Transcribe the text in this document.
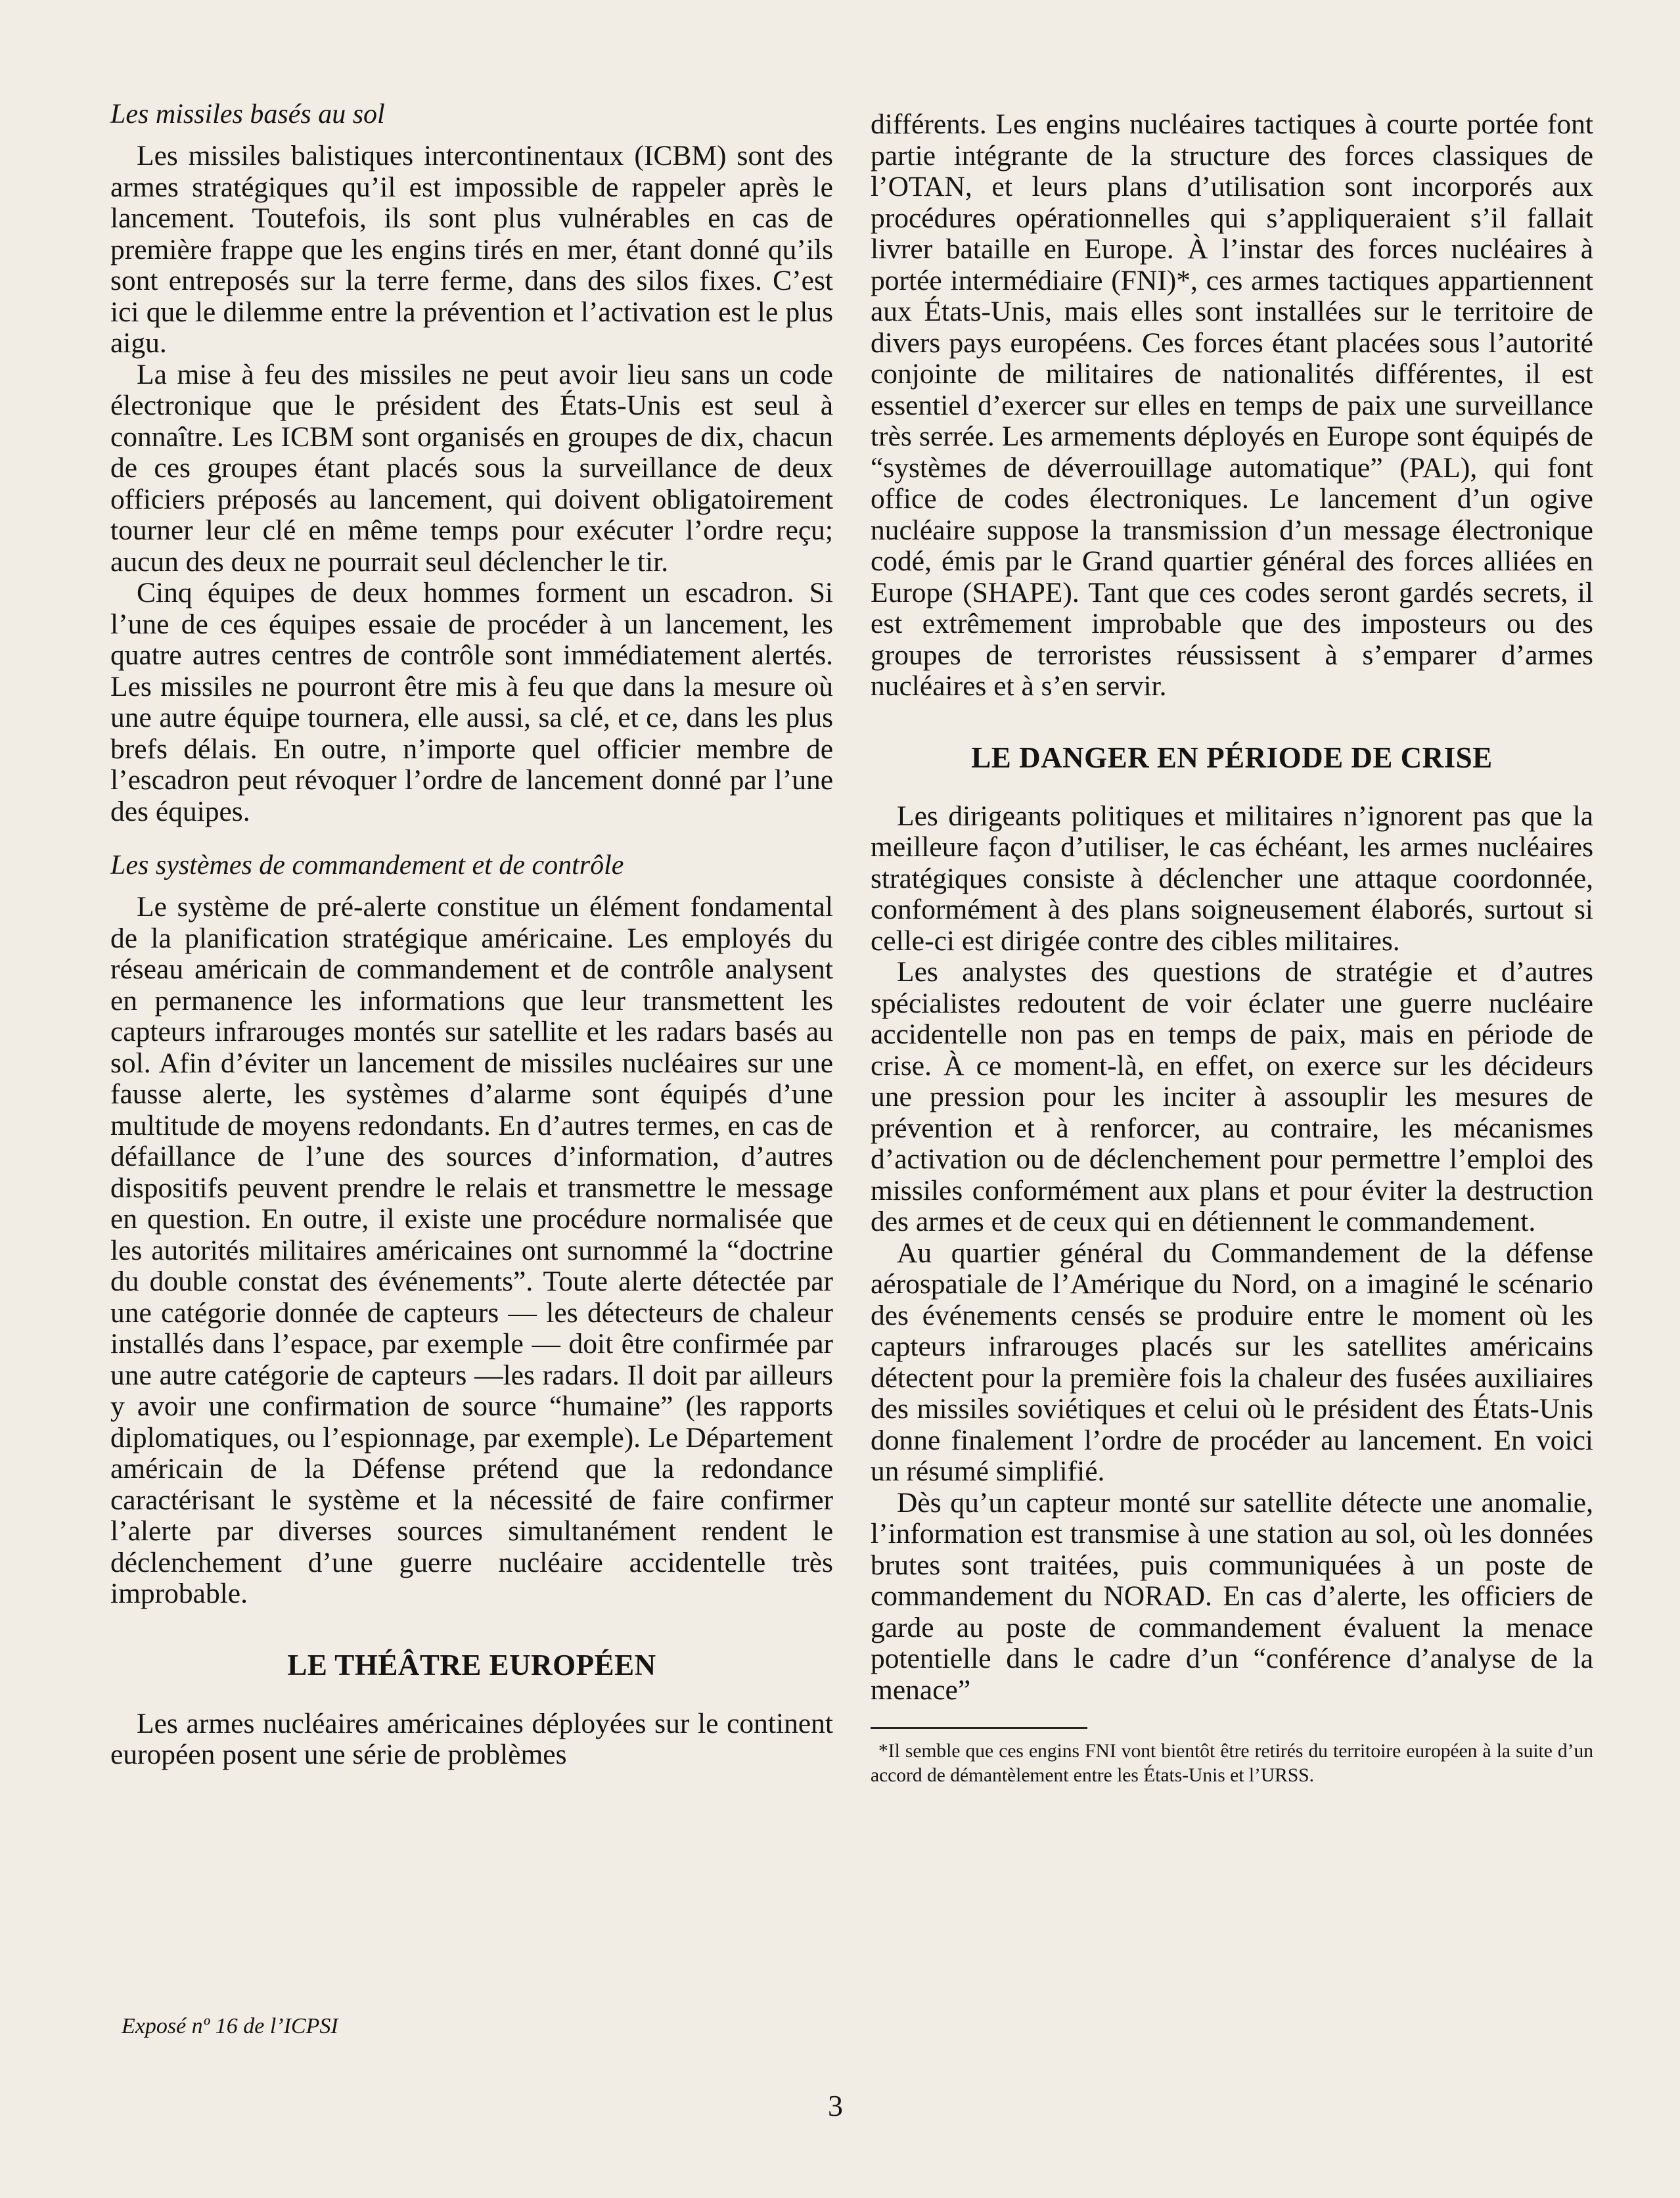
Les missiles basés au sol

Les missiles balistiques intercontinentaux (ICBM) sont des armes stratégiques qu’il est impossible de rappeler après le lancement. Toutefois, ils sont plus vulnérables en cas de première frappe que les engins tirés en mer, étant donné qu’ils sont entreposés sur la terre ferme, dans des silos fixes. C’est ici que le dilemme entre la prévention et l’activation est le plus aigu.

La mise à feu des missiles ne peut avoir lieu sans un code électronique que le président des États-Unis est seul à connaître. Les ICBM sont organisés en groupes de dix, chacun de ces groupes étant placés sous la surveillance de deux officiers préposés au lancement, qui doivent obligatoirement tourner leur clé en même temps pour exécuter l’ordre reçu; aucun des deux ne pourrait seul déclencher le tir.

Cinq équipes de deux hommes forment un escadron. Si l’une de ces équipes essaie de procéder à un lancement, les quatre autres centres de contrôle sont immédiatement alertés. Les missiles ne pourront être mis à feu que dans la mesure où une autre équipe tournera, elle aussi, sa clé, et ce, dans les plus brefs délais. En outre, n’importe quel officier membre de l’escadron peut révoquer l’ordre de lancement donné par l’une des équipes.

Les systèmes de commandement et de contrôle

Le système de pré-alerte constitue un élément fondamental de la planification stratégique américaine. Les employés du réseau américain de commandement et de contrôle analysent en permanence les informations que leur transmettent les capteurs infrarouges montés sur satellite et les radars basés au sol. Afin d’éviter un lancement de missiles nucléaires sur une fausse alerte, les systèmes d’alarme sont équipés d’une multitude de moyens redondants. En d’autres termes, en cas de défaillance de l’une des sources d’information, d’autres dispositifs peuvent prendre le relais et transmettre le message en question. En outre, il existe une procédure normalisée que les autorités militaires américaines ont surnommé la “doctrine du double constat des événements”. Toute alerte détectée par une catégorie donnée de capteurs — les détecteurs de chaleur installés dans l’espace, par exemple — doit être confirmée par une autre catégorie de capteurs —les radars. Il doit par ailleurs y avoir une confirmation de source “humaine” (les rapports diplomatiques, ou l’espionnage, par exemple). Le Département américain de la Défense prétend que la redondance caractérisant le système et la nécessité de faire confirmer l’alerte par diverses sources simultanément rendent le déclenchement d’une guerre nucléaire accidentelle très improbable.

LE THÉÂTRE EUROPÉEN

Les armes nucléaires américaines déployées sur le continent européen posent une série de problèmes

différents. Les engins nucléaires tactiques à courte portée font partie intégrante de la structure des forces classiques de l’OTAN, et leurs plans d’utilisation sont incorporés aux procédures opérationnelles qui s’appliqueraient s’il fallait livrer bataille en Europe. À l’instar des forces nucléaires à portée intermédiaire (FNI)*, ces armes tactiques appartiennent aux États-Unis, mais elles sont installées sur le territoire de divers pays européens. Ces forces étant placées sous l’autorité conjointe de militaires de nationalités différentes, il est essentiel d’exercer sur elles en temps de paix une surveillance très serrée. Les armements déployés en Europe sont équipés de “systèmes de déverrouillage automatique” (PAL), qui font office de codes électroniques. Le lancement d’un ogive nucléaire suppose la transmission d’un message électronique codé, émis par le Grand quartier général des forces alliées en Europe (SHAPE). Tant que ces codes seront gardés secrets, il est extrêmement improbable que des imposteurs ou des groupes de terroristes réussissent à s’emparer d’armes nucléaires et à s’en servir.

LE DANGER EN PÉRIODE DE CRISE

Les dirigeants politiques et militaires n’ignorent pas que la meilleure façon d’utiliser, le cas échéant, les armes nucléaires stratégiques consiste à déclencher une attaque coordonnée, conformément à des plans soigneusement élaborés, surtout si celle-ci est dirigée contre des cibles militaires.

Les analystes des questions de stratégie et d’autres spécialistes redoutent de voir éclater une guerre nucléaire accidentelle non pas en temps de paix, mais en période de crise. À ce moment-là, en effet, on exerce sur les décideurs une pression pour les inciter à assouplir les mesures de prévention et à renforcer, au contraire, les mécanismes d’activation ou de déclenchement pour permettre l’emploi des missiles conformément aux plans et pour éviter la destruction des armes et de ceux qui en détiennent le commandement.

Au quartier général du Commandement de la défense aérospatiale de l’Amérique du Nord, on a imaginé le scénario des événements censés se produire entre le moment où les capteurs infrarouges placés sur les satellites américains détectent pour la première fois la chaleur des fusées auxiliaires des missiles soviétiques et celui où le président des États-Unis donne finalement l’ordre de procéder au lancement. En voici un résumé simplifié.

Dès qu’un capteur monté sur satellite détecte une anomalie, l’information est transmise à une station au sol, où les données brutes sont traitées, puis communiquées à un poste de commandement du NORAD. En cas d’alerte, les officiers de garde au poste de commandement évaluent la menace potentielle dans le cadre d’un “conférence d’analyse de la menace”

*Il semble que ces engins FNI vont bientôt être retirés du territoire européen à la suite d’un accord de démantèlement entre les États-Unis et l’URSS.
Exposé nº 16 de l’ICPSI
3
